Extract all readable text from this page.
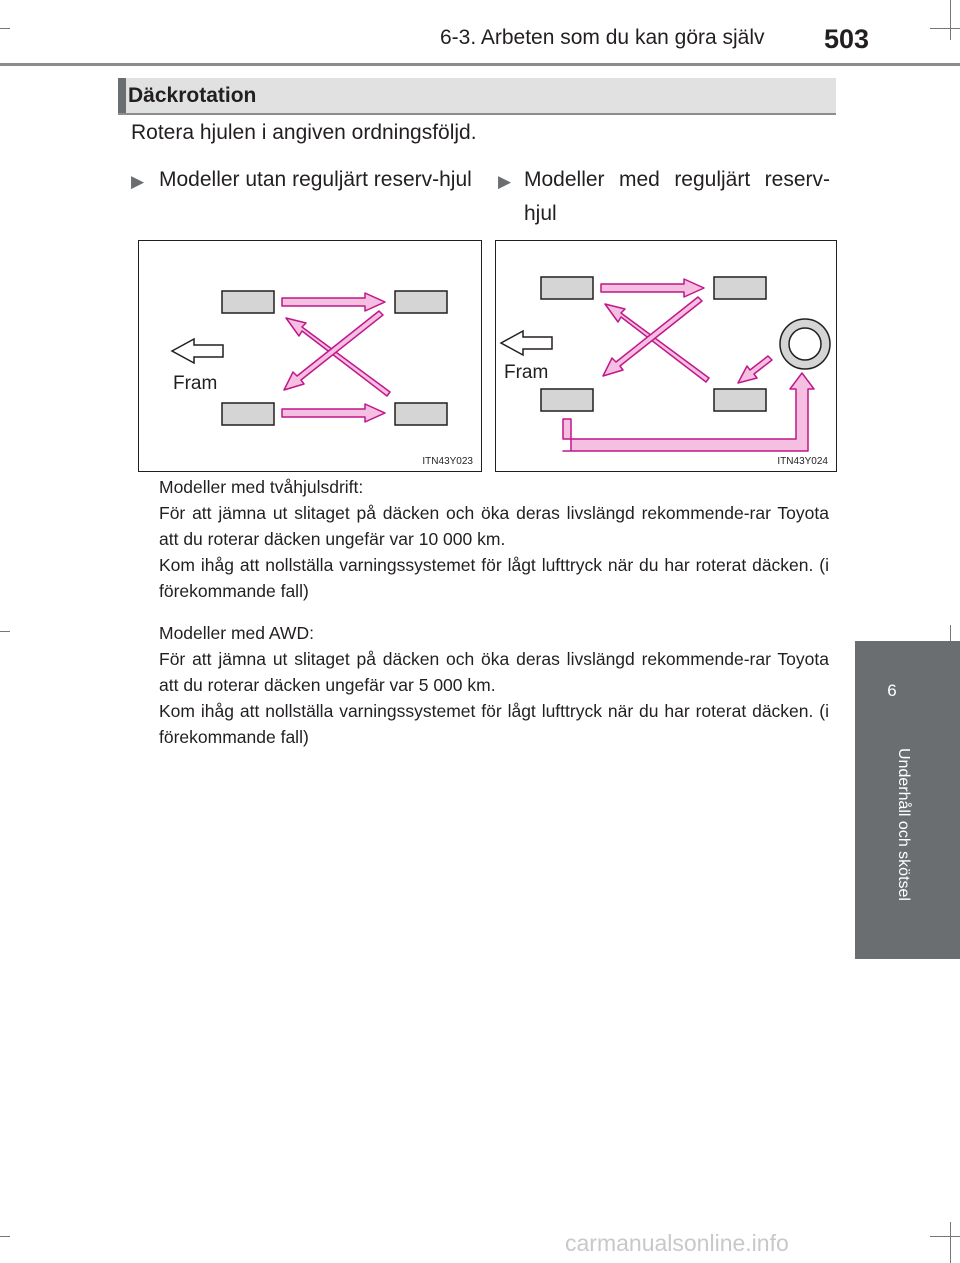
6-3. Arbeten som du kan göra själv 503
6
Underhåll och skötsel
Däckrotation
Rotera hjulen i angiven ordningsföljd.
▶ Modeller utan reguljärt reserv-hjul	▶ Modeller med reguljärt reserv-hjul
Fram
ITN43Y023
Fram
ITN43Y024

Modeller med tvåhjulsdrift:

För att jämna ut slitaget på däcken och öka deras livslängd rekommende-rar Toyota att du roterar däcken ungefär var 10 000 km.

Kom ihåg att nollställa varningssystemet för lågt lufttryck när du har roterat däcken. (i förekommande fall)

Modeller med AWD:

För att jämna ut slitaget på däcken och öka deras livslängd rekommende-rar Toyota att du roterar däcken ungefär var 5 000 km.

Kom ihåg att nollställa varningssystemet för lågt lufttryck när du har roterat däcken. (i förekommande fall)

carmanualsonline.info
